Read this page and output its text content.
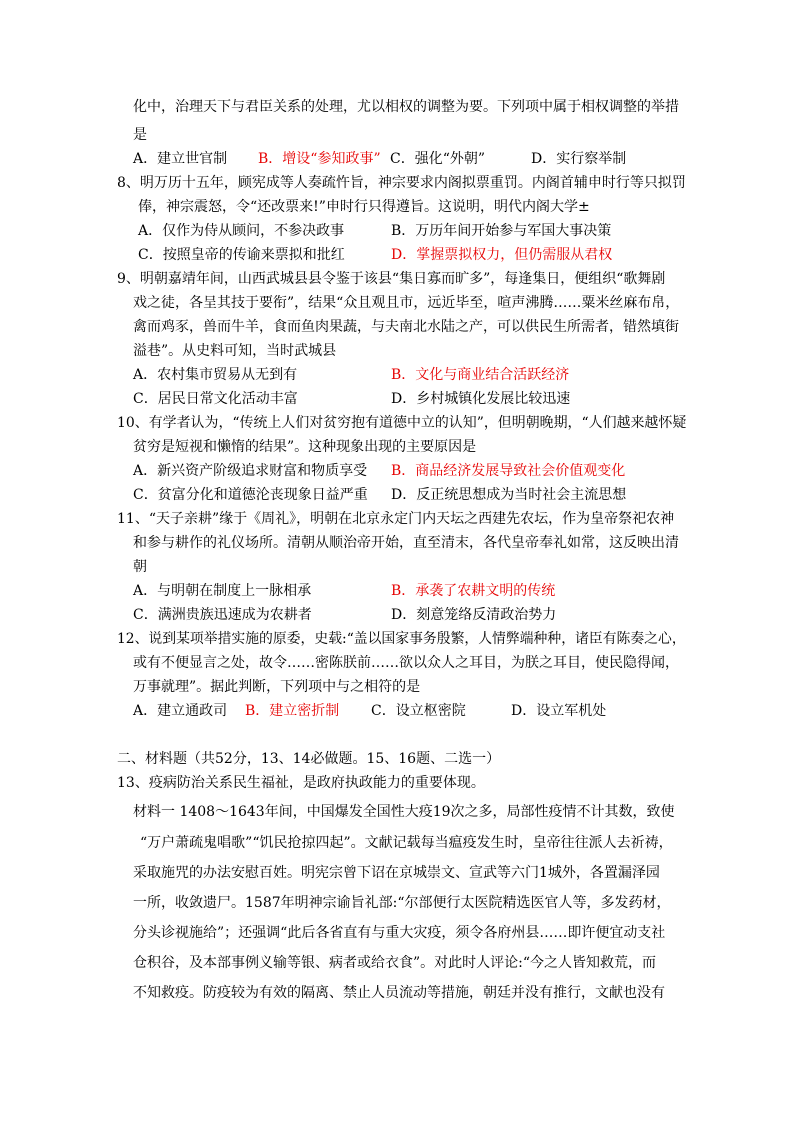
化中，治理天下与君臣关系的处理，尤以相权的调整为要。下列项中属于相权调整的举措
是
A．建立世官制 B．增设“参知政事” C．强化“外朝”	D．实行察举制
8、明万历十五年，顾宪成等人奏疏忤旨，神宗要求内阁拟票重罚。内阁首辅申时行等只拟罚
俸，神宗震怒，令“还改票来!”申时行只得遵旨。这说明，明代内阁大学±
A．仅作为侍从顾问，不参决政事	B．万历年间开始参与军国大事决策
C．按照皇帝的传谕来票拟和批红	D．掌握票拟权力，但仍需服从君权
9、明朝嘉靖年间，山西武城县县令鉴于该县“集日寡而旷多”，每逢集日，便组织“歌舞剧
戏之徒，各呈其技于要衔”，结果“众且观且市，远近毕至，喧声沸腾……粟米丝麻布帛，
禽而鸡豕，兽而牛羊，食而鱼肉果蔬，与夫南北水陆之产，可以供民生所需者，错然填街
溢巷”。从史料可知，当时武城县
A．农村集市贸易从无到有	B．文化与商业结合活跃经济
C．居民日常文化活动丰富	D．乡村城镇化发展比较迅速
10、有学者认为，“传统上人们对贫穷抱有道德中立的认知”，但明朝晚期，“人们越来越怀疑
贫穷是短视和懒惰的结果”。这种现象出现的主要原因是
A．新兴资产阶级追求财富和物质享受 B．商品经济发展导致社会价值观变化
C．贫富分化和道德沦丧现象日益严重 D．反正统思想成为当时社会主流思想
11、“天子亲耕”缘于《周礼》，明朝在北京永定门内天坛之西建先农坛，作为皇帝祭祀农神
和参与耕作的礼仪场所。清朝从顺治帝开始，直至清末，各代皇帝奉礼如常，这反映出清
朝
A．与明朝在制度上一脉相承	B．承袭了农耕文明的传统
C．满洲贵族迅速成为农耕者	D．刻意笼络反清政治势力
12、说到某项举措实施的原委，史载:“盖以国家事务殷繁，人情弊端种种，诸臣有陈奏之心，
或有不便显言之处，故令……密陈朕前……欲以众人之耳目，为朕之耳目，使民隐得闻，
万事就理”。据此判断，下列项中与之相符的是
A．建立通政司 B．建立密折制 C．设立枢密院	D．设立军机处
二、材料题（共52分，13、14必做题。15、16题、二选一）
13、疫病防治关系民生福祉，是政府执政能力的重要体现。
材料一 1408～1643年间，中国爆发全国性大疫19次之多，局部性疫情不计其数，致使
“万户萧疏鬼唱歌”“饥民抢掠四起”。文献记载每当瘟疫发生时，皇帝往往派人去祈祷，
采取施咒的办法安慰百姓。明宪宗曾下诏在京城崇文、宣武等六门1城外，各置漏泽园
一所，收敛遗尸。1587年明神宗谕旨礼部:“尔部便行太医院精选医官人等，多发药材，
分头诊视施给”；还强调“此后各省直有与重大灾疫，须令各府州县……即许便宜动支社
仓积谷，及本部事例义输等银、病者或给衣食”。对此时人评论:“今之人皆知救荒，而
不知救疫。防疫较为有效的隔离、禁止人员流动等措施，朝廷并没有推行，文献也没有
